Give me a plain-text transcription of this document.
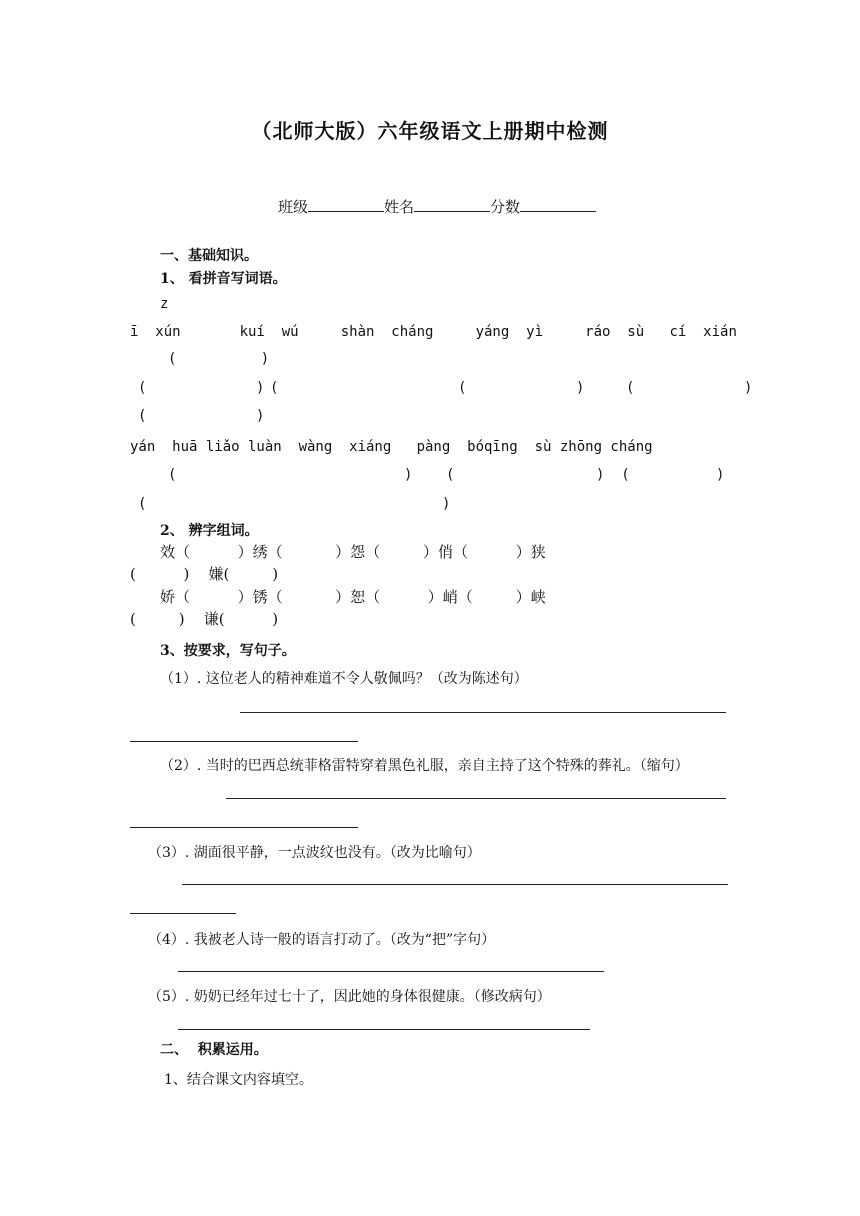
（北师大版）六年级语文上册期中检测
班级	姓名	分数
一、基础知识。
1、 看拼音写词语。
z
ī  xún       kuí  wú     shàn  cháng     yáng  yì     ráo  sù   cí  xián
(          )
(             ) (	(             )	(             )
(             )
yán  huā liǎo luàn  wàng  xiáng   pàng  bóqīng  sù zhōng cháng
(	) (	)  (	)
(	)
2、 辨字组词。
效（          ）绣（           ）怨（         ）俏（          ）狭
(          )    嫌(         )
娇（          ）锈（           ）恕（          ）峭（         ）峡
(         )    谦(          )
3、按要求，写句子。
（1）. 这位老人的精神难道不令人敬佩吗？（改为陈述句）
（2）. 当时的巴西总统菲格雷特穿着黑色礼服，亲自主持了这个特殊的葬礼。（缩句）
（3）. 湖面很平静，一点波纹也没有。（改为比喻句）
（4）. 我被老人诗一般的语言打动了。（改为“把”字句）
（5）. 奶奶已经年过七十了，因此她的身体很健康。（修改病句）
二、  积累运用。
1、结合课文内容填空。
